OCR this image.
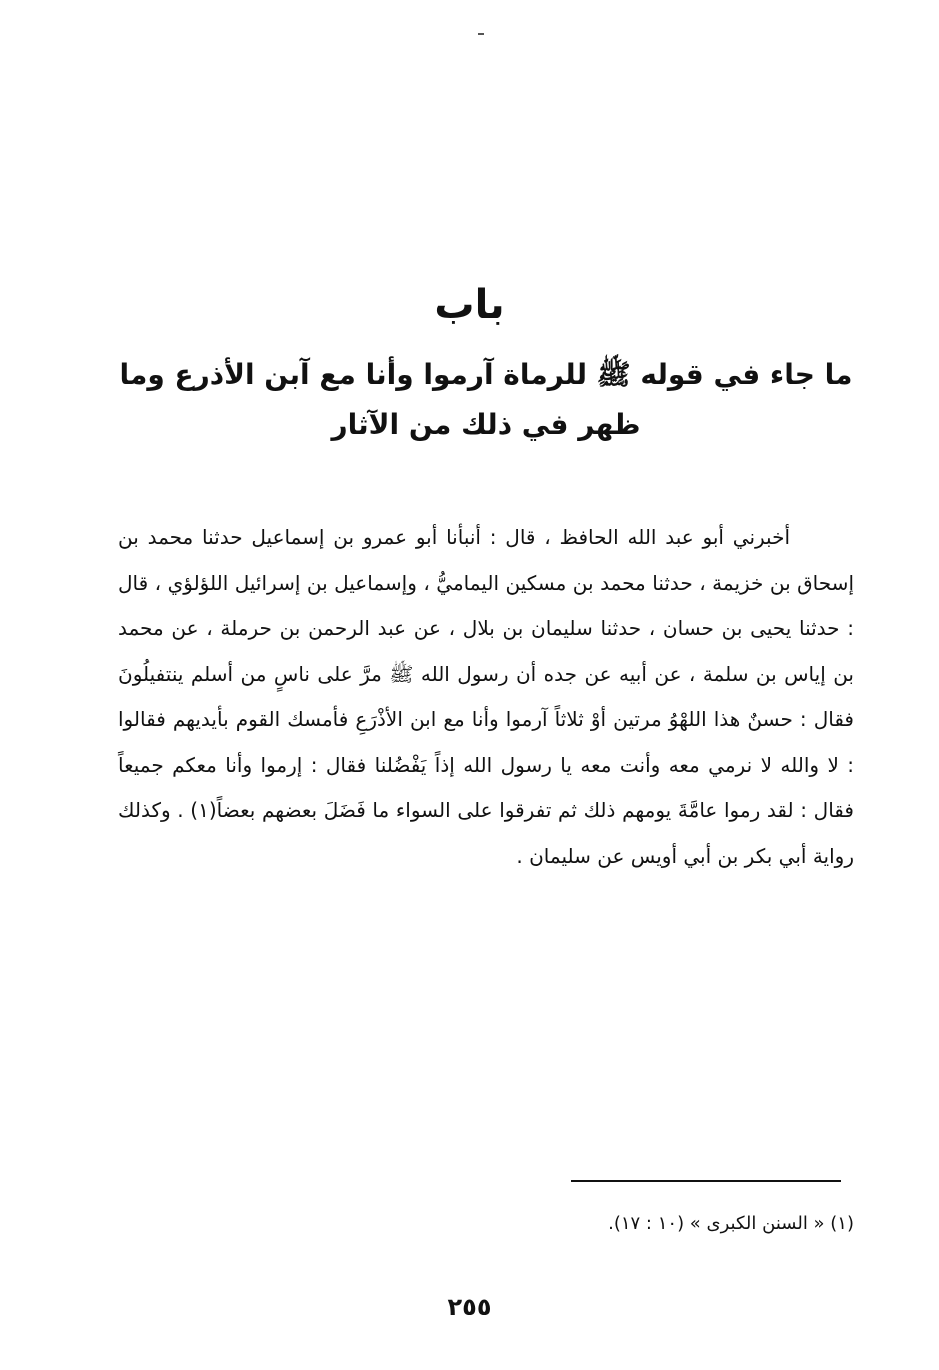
باب
ما جاء في قوله ﷺ للرماة آرموا وأنا مع آبن الأذرع وما ظهر في ذلك من الآثار

أخبرني أبو عبد الله الحافظ ، قال : أنبأنا أبو عمرو بن إسماعيل حدثنا محمد بن إسحاق بن خزيمة ، حدثنا محمد بن مسكين اليماميُّ ، وإسماعيل بن إسرائيل اللؤلؤي ، قال : حدثنا يحيى بن حسان ، حدثنا سليمان بن بلال ، عن عبد الرحمن بن حرملة ، عن محمد بن إياس بن سلمة ، عن أبيه عن جده أن رسول الله ﷺ مرَّ على ناسٍ من أسلم ينتفيلُونَ فقال : حسنٌ هذا اللهْوُ مرتين أوْ ثلاثاً آرموا وأنا مع ابن الأذْرَعِ فأمسك القوم بأيديهم فقالوا : لا والله لا نرمي معه وأنت معه يا رسول الله إذاً يَفْضُلنا فقال : إرموا وأنا معكم جميعاً فقال : لقد رموا عامَّةَ يومهم ذلك ثم تفرقوا على السواء ما فَضَلَ بعضهم بعضاً(١) . وكذلك رواية أبي بكر بن أبي أويس عن سليمان .

(١) « السنن الكبرى » (١٠ : ١٧).
٢٥٥
